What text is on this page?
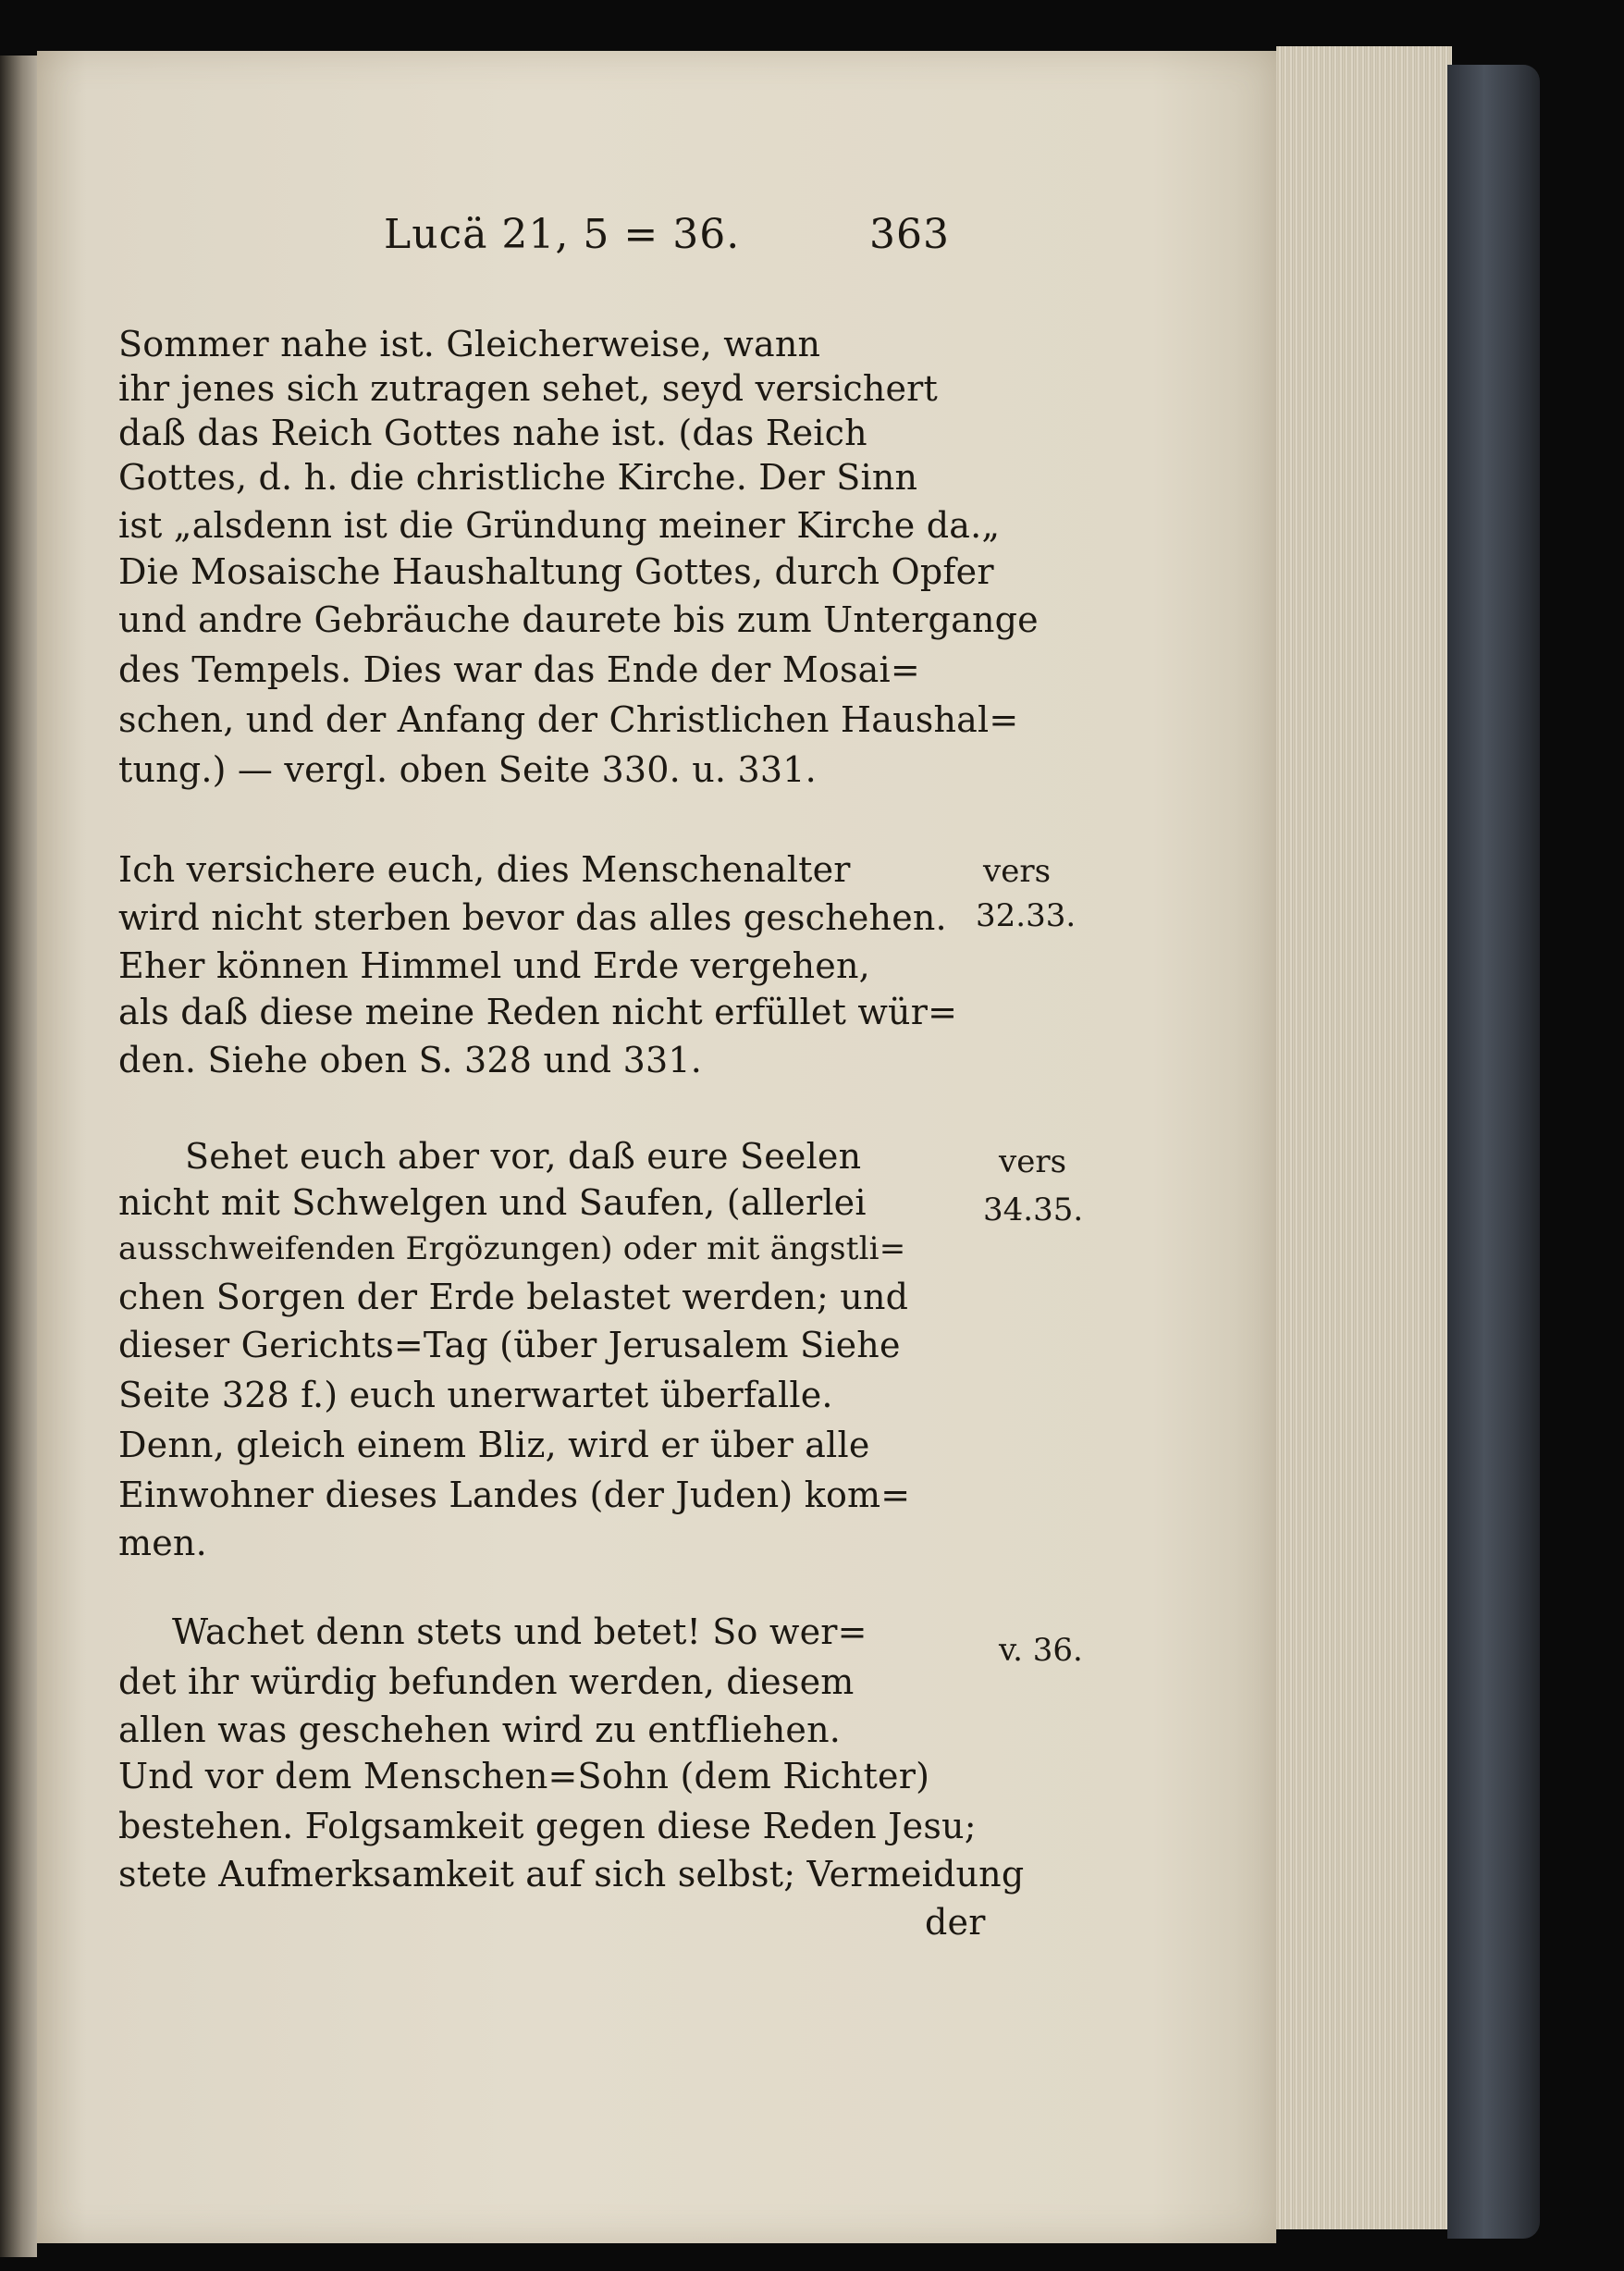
Lucä 21, 5 = 36.	363
Sommer nahe ist. Gleicherweise, wann
ihr jenes sich zutragen sehet, seyd versichert
daß das Reich Gottes nahe ist. (das Reich
Gottes, d. h. die christliche Kirche. Der Sinn
ist „alsdenn ist die Gründung meiner Kirche da.„
Die Mosaische Haushaltung Gottes, durch Opfer
und andre Gebräuche daurete bis zum Untergange
des Tempels. Dies war das Ende der Mosai=
schen, und der Anfang der Christlichen Haushal=
tung.) — vergl. oben Seite 330. u. 331.
Ich versichere euch, dies Menschenalter
wird nicht sterben bevor das alles geschehen.
Eher können Himmel und Erde vergehen,
als daß diese meine Reden nicht erfüllet wür=
den. Siehe oben S. 328 und 331.
vers
32.33.
Sehet euch aber vor, daß eure Seelen
nicht mit Schwelgen und Saufen, (allerlei
ausschweifenden Ergözungen) oder mit ängstli=
chen Sorgen der Erde belastet werden; und
dieser Gerichts=Tag (über Jerusalem Siehe
Seite 328 f.) euch unerwartet überfalle.
Denn, gleich einem Bliz, wird er über alle
Einwohner dieses Landes (der Juden) kom=
men.
vers
34.35.
Wachet denn stets und betet! So wer=
det ihr würdig befunden werden, diesem
allen was geschehen wird zu entfliehen.
Und vor dem Menschen=Sohn (dem Richter)
bestehen. Folgsamkeit gegen diese Reden Jesu;
stete Aufmerksamkeit auf sich selbst; Vermeidung
v. 36.
der
